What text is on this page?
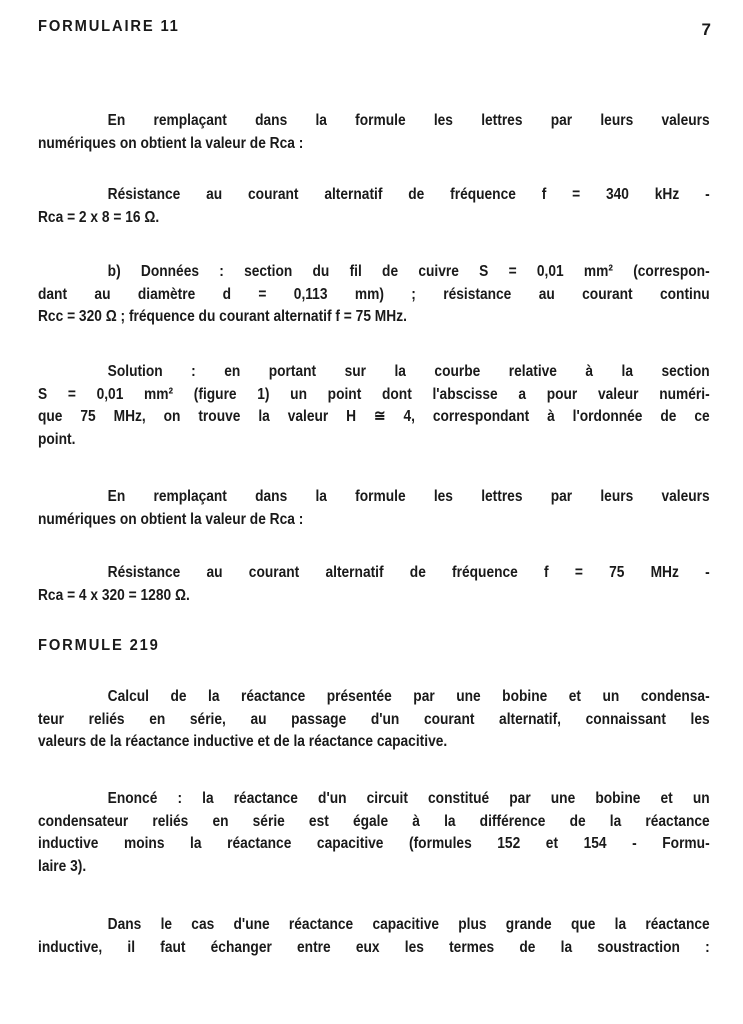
FORMULAIRE 11	7
En remplaçant dans la formule les lettres par leurs valeurs
numériques on obtient la valeur de Rca :
Résistance au courant alternatif de fréquence f = 340 kHz -
Rca = 2 x 8 = 16 Ω.
b) Données : section du fil de cuivre S = 0,01 mm² (correspon-
dant au diamètre d = 0,113 mm) ; résistance au courant continu
Rcc = 320 Ω ; fréquence du courant alternatif f = 75 MHz.
Solution : en portant sur la courbe relative à la section
S = 0,01 mm² (figure 1) un point dont l'abscisse a pour valeur numéri-
que 75 MHz, on trouve la valeur H ≅ 4, correspondant à l'ordonnée de ce
point.
En remplaçant dans la formule les lettres par leurs valeurs
numériques on obtient la valeur de Rca :
Résistance au courant alternatif de fréquence f = 75 MHz -
Rca = 4 x 320 = 1280 Ω.
FORMULE 219
Calcul de la réactance présentée par une bobine et un condensa-
teur reliés en série, au passage d'un courant alternatif, connaissant les
valeurs de la réactance inductive et de la réactance capacitive.
Enoncé : la réactance d'un circuit constitué par une bobine et un
condensateur reliés en série est égale à la différence de la réactance
inductive moins la réactance capacitive (formules 152 et 154 - Formu-
laire 3).
Dans le cas d'une réactance capacitive plus grande que la réactance
inductive, il faut échanger entre eux les termes de la soustraction :
